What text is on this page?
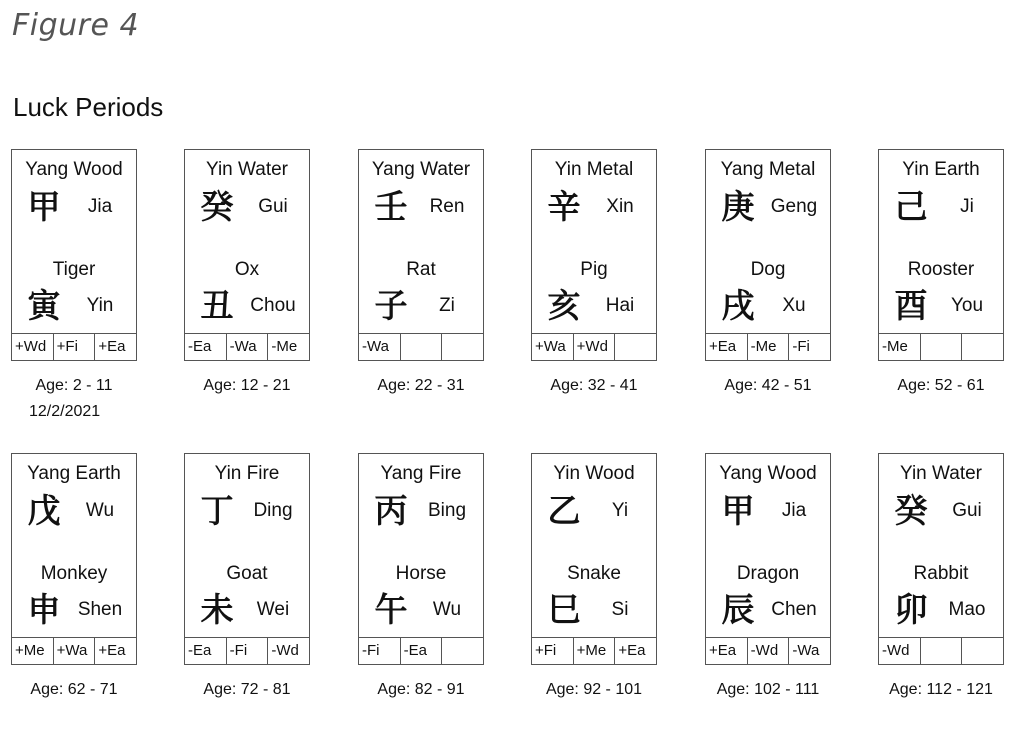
Figure 4
Luck Periods
Yang Wood
甲	Jia
Tiger
寅	Yin
+Wd +Fi	+Ea
Age: 2 - 11
Yin Water
癸	Gui
Ox
丑 Chou
-Ea	-Wa -Me
Age: 12 - 21
Yang Water
壬	Ren
Rat
子	Zi
-Wa
Age: 22 - 31
Yin Metal
辛	Xin
Pig
亥	Hai
+Wa +Wd
Age: 32 - 41
Yang Metal
庚 Geng
Dog
戌	Xu
+Ea -Me	-Fi
Age: 42 - 51
Yin Earth
己	Ji
Rooster
酉	You
-Me
Age: 52 - 61
Yang Earth
戊	Wu
Monkey
申 Shen
+Me +Wa +Ea
Age: 62 - 71
Yin Fire
丁	Ding
Goat
未	Wei
-Ea	-Fi	-Wd
Age: 72 - 81
Yang Fire
丙	Bing
Horse
午	Wu
-Fi	-Ea
Age: 82 - 91
Yin Wood
乙	Yi
Snake
巳	Si
+Fi	+Me +Ea
Age: 92 - 101
Yang Wood
甲	Jia
Dragon
辰 Chen
+Ea -Wd -Wa
Age: 102 - 111
Yin Water
癸	Gui
Rabbit
卯	Mao
-Wd
Age: 112 - 121
12/2/2021
